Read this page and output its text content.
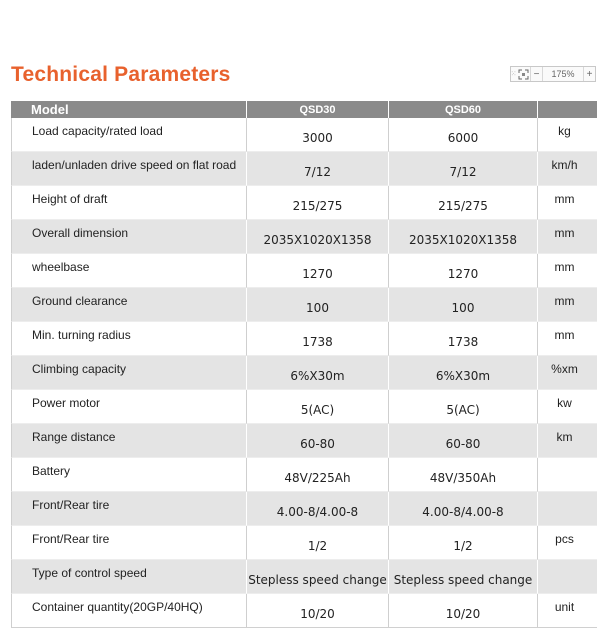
Technical Parameters	⁙	−	175%	+
Model	QSD30	QSD60	
Load capacity/rated load	3000	6000	kg
laden/unladen drive speed on flat road	7/12	7/12	km/h
Height of draft	215/275	215/275	mm
Overall dimension	2035X1020X1358	2035X1020X1358	mm
wheelbase	1270	1270	mm
Ground clearance	100	100	mm
Min. turning radius	1738	1738	mm
Climbing capacity	6%X30m	6%X30m	%xm
Power motor	5(AC)	5(AC)	kw
Range distance	60-80	60-80	km
Battery	48V/225Ah	48V/350Ah	
Front/Rear tire	4.00-8/4.00-8	4.00-8/4.00-8	
Front/Rear tire	1/2	1/2	pcs
Type of control speed	Stepless speed change	Stepless speed change	
Container quantity(20GP/40HQ)	10/20	10/20	unit
